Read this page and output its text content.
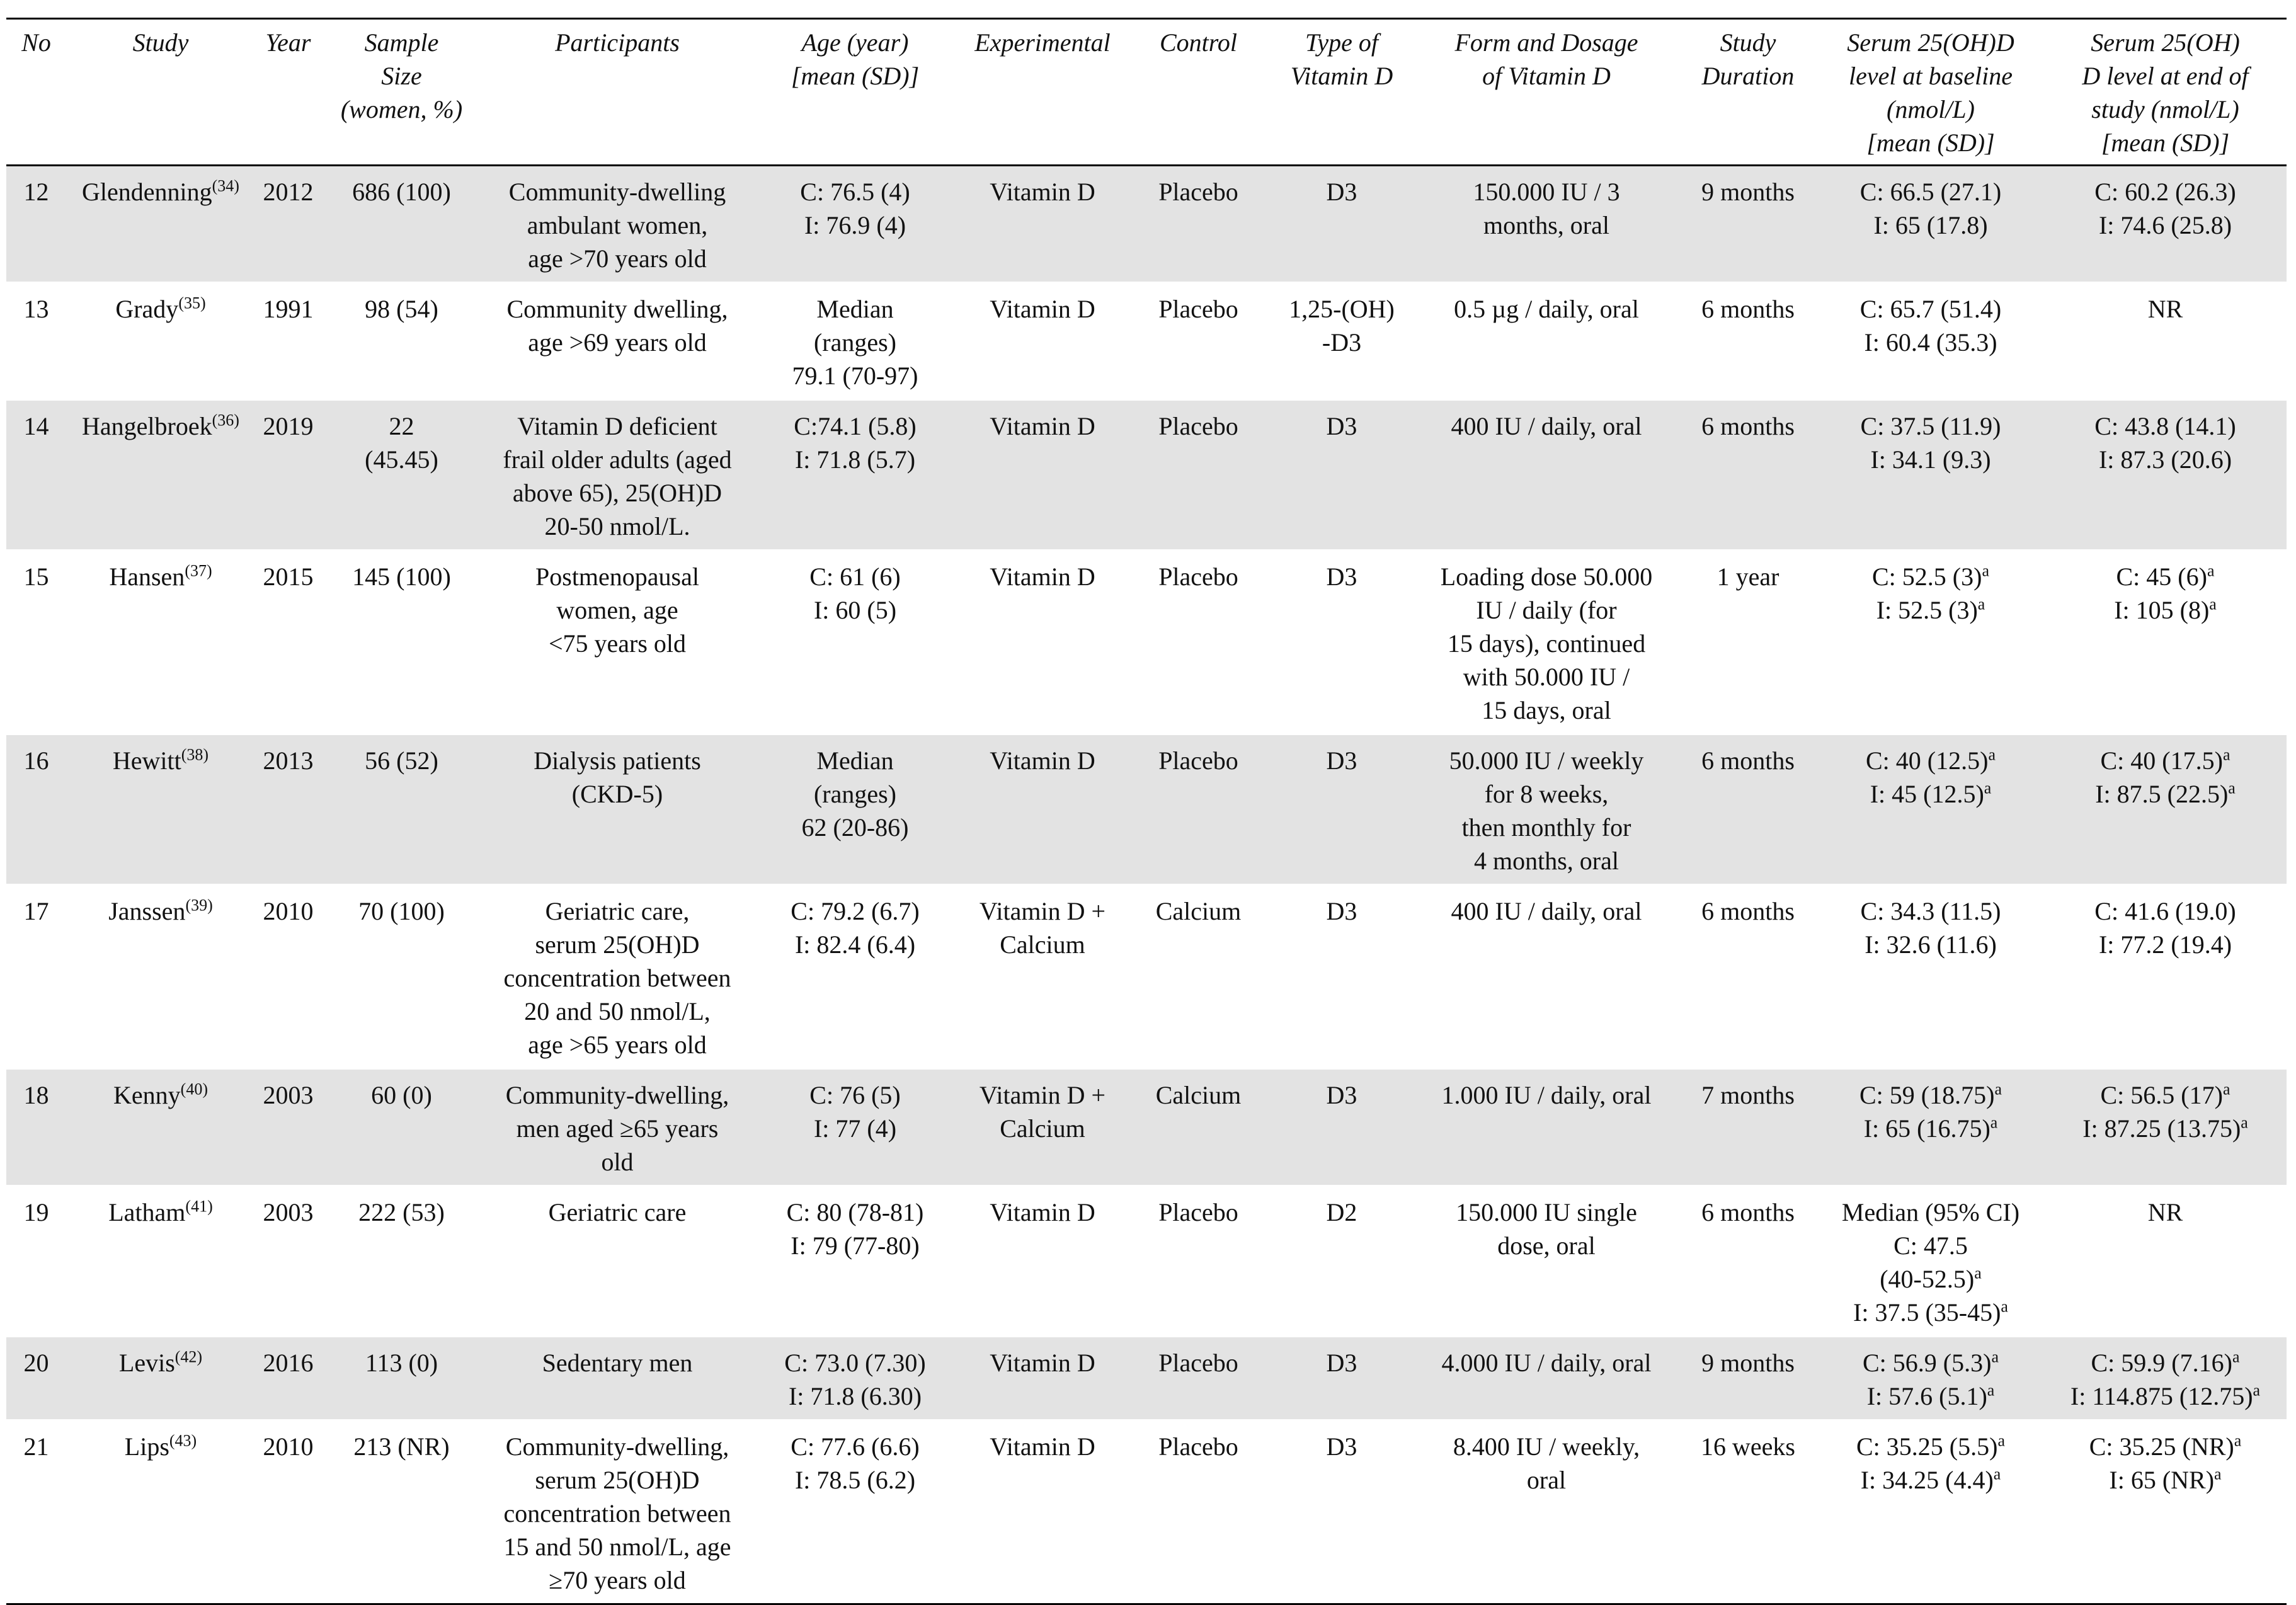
No	Study	Year	Sample
Size
(women, %)	Participants	Age (year)
[mean (SD)]	Experimental	Control	Type of
Vitamin D	Form and Dosage
of Vitamin D	Study
Duration	Serum 25(OH)D
level at baseline
(nmol/L)
[mean (SD)]	Serum 25(OH)
D level at end of
study (nmol/L)
[mean (SD)]

12	Glendenning$^{(34)}$	2012	686 (100)	Community-dwelling
ambulant women,
age >70 years old	C: 76.5 (4)
I: 76.9 (4)	Vitamin D	Placebo	D3	150.000 IU / 3
months, oral	9 months	C: 66.5 (27.1)
I: 65 (17.8)	C: 60.2 (26.3)
I: 74.6 (25.8)

13	Grady$^{(35)}$	1991	98 (54)	Community dwelling,
age >69 years old	Median
(ranges)
79.1 (70-97)	Vitamin D	Placebo	1,25-(OH)
-D3	0.5 µg / daily, oral	6 months	C: 65.7 (51.4)
I: 60.4 (35.3)	NR

14	Hangelbroek$^{(36)}$	2019	22
(45.45)	Vitamin D deficient
frail older adults (aged
above 65), 25(OH)D
20-50 nmol/L.	C:74.1 (5.8)
I: 71.8 (5.7)	Vitamin D	Placebo	D3	400 IU / daily, oral	6 months	C: 37.5 (11.9)
I: 34.1 (9.3)	C: 43.8 (14.1)
I: 87.3 (20.6)

15	Hansen$^{(37)}$	2015	145 (100)	Postmenopausal
women, age
<75 years old	C: 61 (6)
I: 60 (5)	Vitamin D	Placebo	D3	Loading dose 50.000
IU / daily (for
15 days), continued
with 50.000 IU /
15 days, oral	1 year	C: 52.5 $(3)^a$
I: 52.5 $(3)^a$	C: 45 $(6)^a$
I: 105 $(8)^a$

16	Hewitt$^{(38)}$	2013	56 (52)	Dialysis patients
(CKD-5)	Median
(ranges)
62 (20-86)	Vitamin D	Placebo	D3	50.000 IU / weekly
for 8 weeks,
then monthly for
4 months, oral	6 months	C: 40 $(12.5)^a$
I: 45 $(12.5)^a$	C: 40 $(17.5)^a$
I: 87.5 $(22.5)^a$

17	Janssen$^{(39)}$	2010	70 (100)	Geriatric care,
serum 25(OH)D
concentration between
20 and 50 nmol/L,
age >65 years old	C: 79.2 (6.7)
I: 82.4 (6.4)	Vitamin D +
Calcium	Calcium	D3	400 IU / daily, oral	6 months	C: 34.3 (11.5)
I: 32.6 (11.6)	C: 41.6 (19.0)
I: 77.2 (19.4)

18	Kenny$^{(40)}$	2003	60 (0)	Community-dwelling,
men aged ≥65 years
old	C: 76 (5)
I: 77 (4)	Vitamin D +
Calcium	Calcium	D3	1.000 IU / daily, oral	7 months	C: 59 $(18.75)^a$
I: 65 $(16.75)^a$	C: 56.5 $(17)^a$
I: 87.25 $(13.75)^a$

19	Latham$^{(41)}$	2003	222 (53)	Geriatric care	C: 80 (78-81)
I: 79 (77-80)	Vitamin D	Placebo	D2	150.000 IU single
dose, oral	6 months	Median (95% CI)
C: 47.5
$(40-52.5)^a$
I: 37.5 $(35-45)^a$	NR

20	Levis$^{(42)}$	2016	113 (0)	Sedentary men	C: 73.0 (7.30)
I: 71.8 (6.30)	Vitamin D	Placebo	D3	4.000 IU / daily, oral	9 months	C: 56.9 $(5.3)^a$
I: 57.6 $(5.1)^a$	C: 59.9 $(7.16)^a$
I: 114.875 $(12.75)^a$

21	Lips$^{(43)}$	2010	213 (NR)	Community-dwelling,
serum 25(OH)D
concentration between
15 and 50 nmol/L, age
≥70 years old	C: 77.6 (6.6)
I: 78.5 (6.2)	Vitamin D	Placebo	D3	8.400 IU / weekly,
oral	16 weeks	C: 35.25 $(5.5)^a$
I: 34.25 $(4.4)^a$	C: 35.25 (NR)$^a$
I: 65 (NR)$^a$
